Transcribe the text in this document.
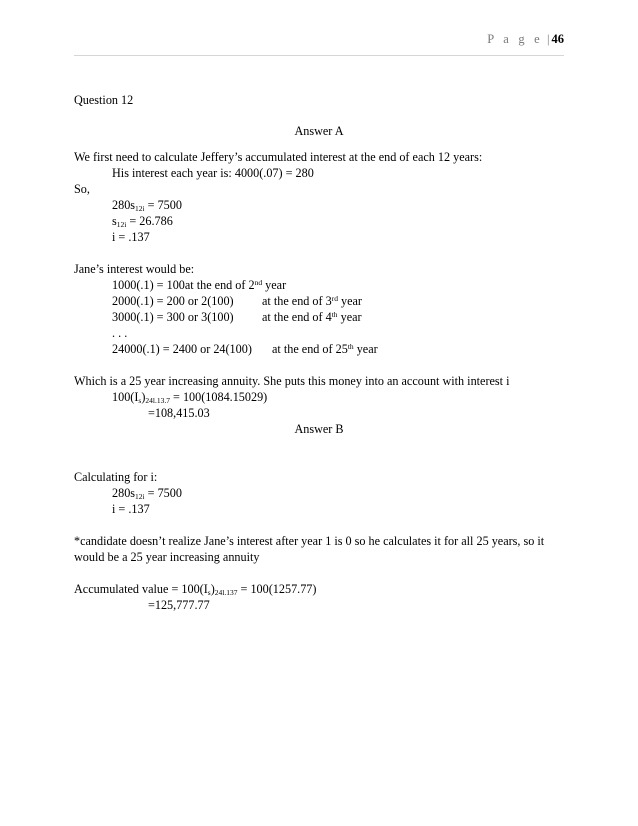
P a g e | 46
Question 12
Answer A
We first need to calculate Jeffery’s accumulated interest at the end of each 12 years:
His interest each year is: 4000(.07) = 280
So,
$280s_{12i} = 7500$
$s_{12i} = 26.786$
i = .137
Jane’s interest would be:
1000(.1) = 100at the end of 2nd year
2000(.1) = 200 or 2(100) at the end of 3rd year
3000(.1) = 300 or 3(100) at the end of 4th year
. . .
24000(.1) = 2400 or 24(100) at the end of 25th year
Which is a 25 year increasing annuity. She puts this money into an account with interest i
$100(I_s)_{24l.13.7} = 100(1084.15029)$
=108,415.03
Answer B
Calculating for i:
$280s_{12i} = 7500$
i = .137
*candidate doesn’t realize Jane’s interest after year 1 is 0 so he calculates it for all 25 years, so it
would be a 25 year increasing annuity
Accumulated value = $100(I_s)_{24l.137} = 100(1257.77)$
=125,777.77
